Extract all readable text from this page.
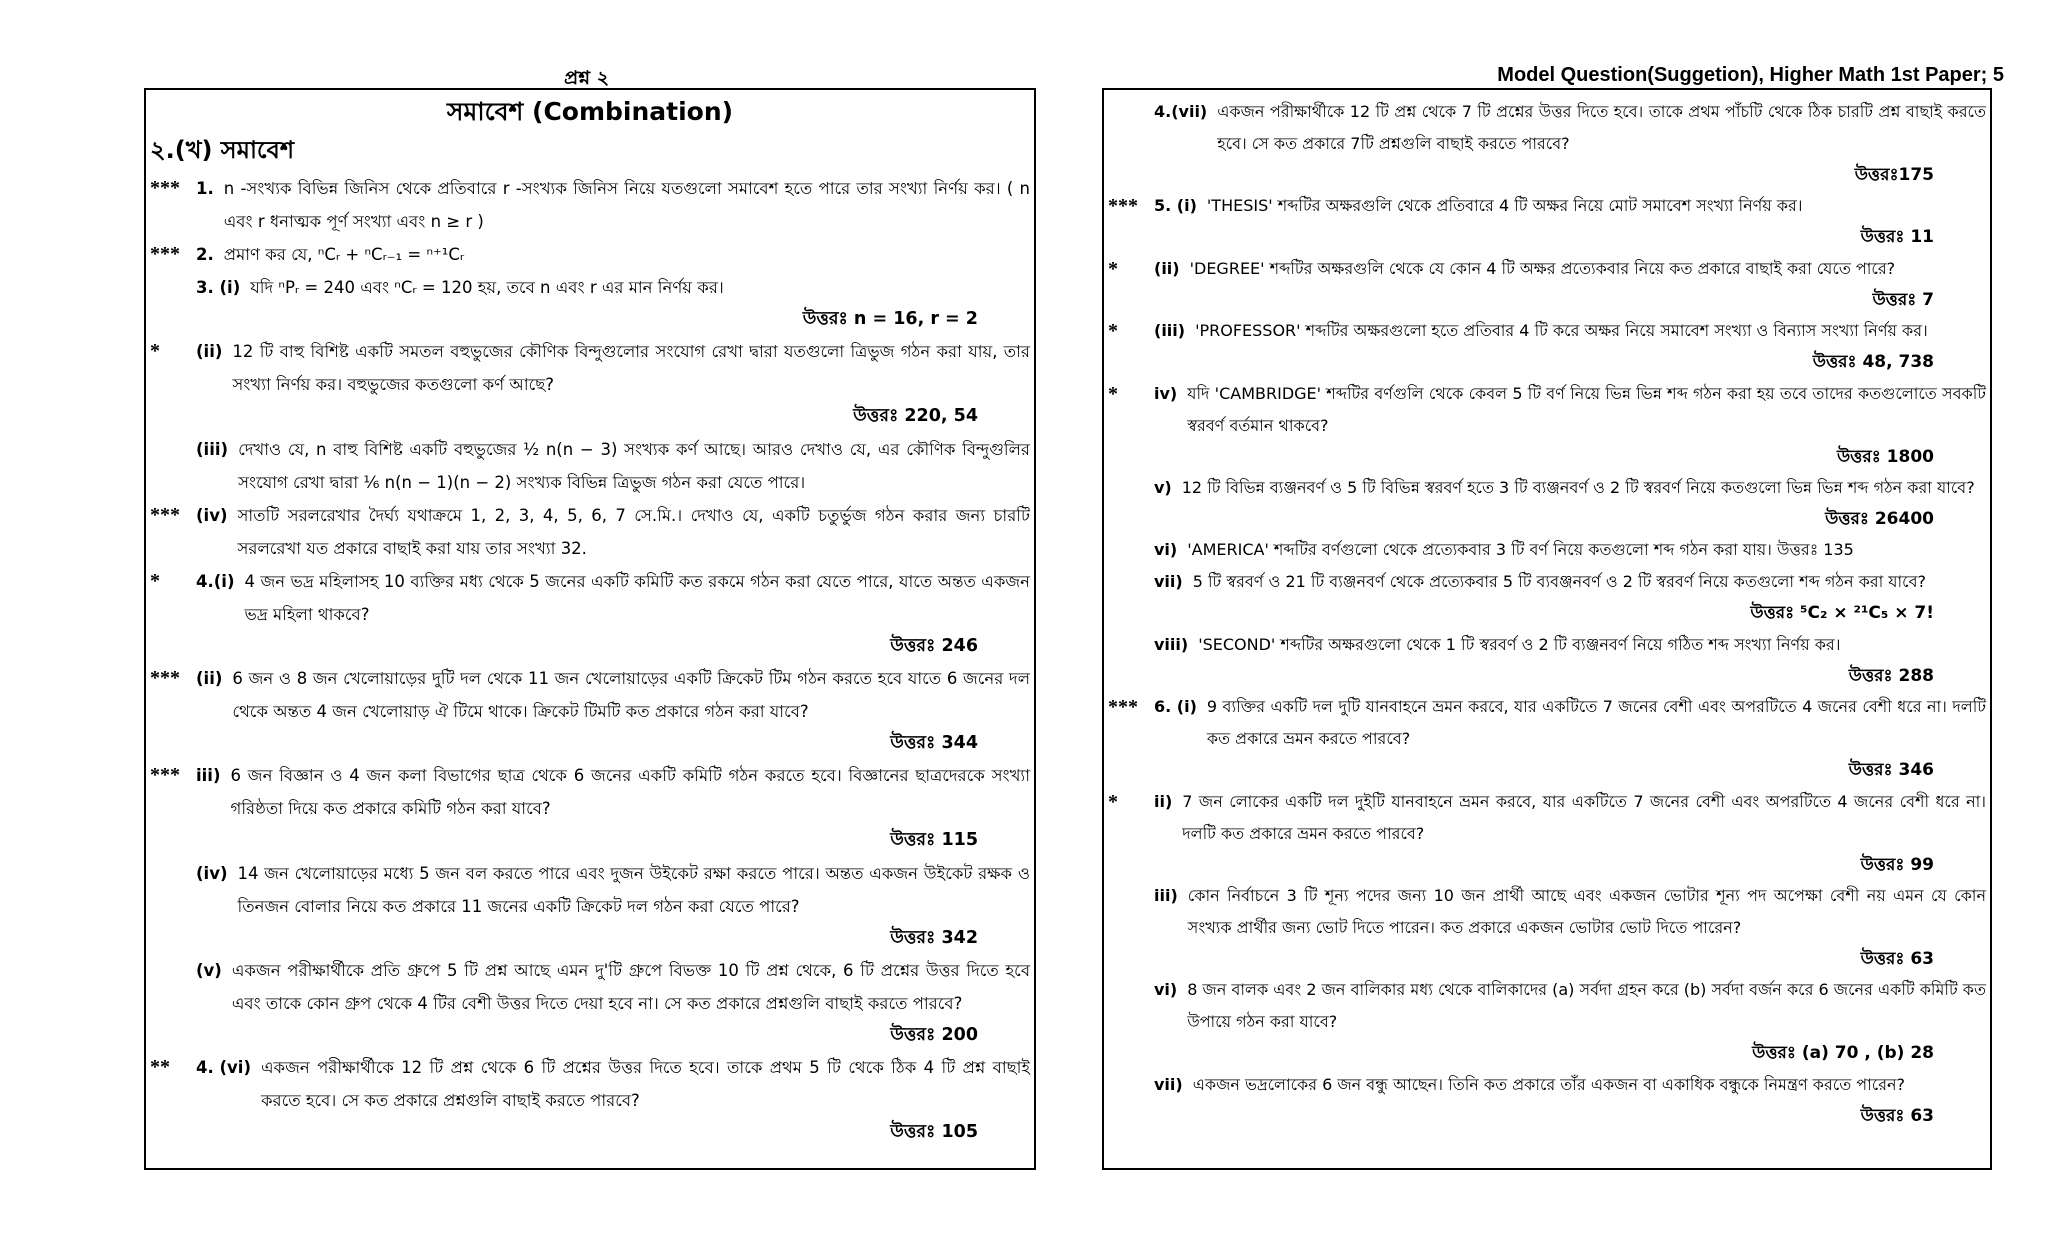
প্রশ্ন ২	Model Question(Suggetion), Higher Math 1st Paper; 5
সমাবেশ (Combination)
২.(খ) সমাবেশ
*** 1. n -সংখ্যক বিভিন্ন জিনিস থেকে প্রতিবারে r -সংখ্যক জিনিস নিয়ে যতগুলো সমাবেশ হতে পারে তার সংখ্যা নির্ণয় কর। ( n এবং r ধনাত্মক পূর্ণ সংখ্যা এবং n ≥ r )
*** 2. প্রমাণ কর যে, ⁿCᵣ + ⁿCᵣ₋₁ = ⁿ⁺¹Cᵣ
3. (i) যদি ⁿPᵣ = 240 এবং ⁿCᵣ = 120 হয়, তবে n এবং r এর মান নির্ণয় কর।
উত্তরঃ n = 16, r = 2
*	(ii) 12 টি বাহু বিশিষ্ট একটি সমতল বহুভুজের কৌণিক বিন্দুগুলোর সংযোগ রেখা দ্বারা যতগুলো ত্রিভুজ গঠন করা যায়, তার সংখ্যা নির্ণয় কর। বহুভুজের কতগুলো কর্ণ আছে?
উত্তরঃ 220, 54
(iii) দেখাও যে, n বাহু বিশিষ্ট একটি বহুভুজের ½ n(n − 3) সংখ্যক কর্ণ আছে। আরও দেখাও যে, এর কৌণিক বিন্দুগুলির সংযোগ রেখা দ্বারা ⅙ n(n − 1)(n − 2) সংখ্যক বিভিন্ন ত্রিভুজ গঠন করা যেতে পারে।
*** (iv) সাতটি সরলরেখার দৈর্ঘ্য যথাক্রমে 1, 2, 3, 4, 5, 6, 7 সে.মি.। দেখাও যে, একটি চতুর্ভুজ গঠন করার জন্য চারটি সরলরেখা যত প্রকারে বাছাই করা যায় তার সংখ্যা 32.
*	4.(i) 4 জন ভদ্র মহিলাসহ 10 ব্যক্তির মধ্য থেকে 5 জনের একটি কমিটি কত রকমে গঠন করা যেতে পারে, যাতে অন্তত একজন ভদ্র মহিলা থাকবে?
উত্তরঃ 246
*** (ii) 6 জন ও 8 জন খেলোয়াড়ের দুটি দল থেকে 11 জন খেলোয়াড়ের একটি ক্রিকেট টিম গঠন করতে হবে যাতে 6 জনের দল থেকে অন্তত 4 জন খেলোয়াড় ঐ টিমে থাকে। ক্রিকেট টিমটি কত প্রকারে গঠন করা যাবে?
উত্তরঃ 344
*** iii) 6 জন বিজ্ঞান ও 4 জন কলা বিভাগের ছাত্র থেকে 6 জনের একটি কমিটি গঠন করতে হবে। বিজ্ঞানের ছাত্রদেরকে সংখ্যা গরিষ্ঠতা দিয়ে কত প্রকারে কমিটি গঠন করা যাবে?
উত্তরঃ 115
(iv) 14 জন খেলোয়াড়ের মধ্যে 5 জন বল করতে পারে এবং দুজন উইকেট রক্ষা করতে পারে। অন্তত একজন উইকেট রক্ষক ও তিনজন বোলার নিয়ে কত প্রকারে 11 জনের একটি ক্রিকেট দল গঠন করা যেতে পারে?
উত্তরঃ 342
(v) একজন পরীক্ষার্থীকে প্রতি গ্রুপে 5 টি প্রশ্ন আছে এমন দু'টি গ্রুপে বিভক্ত 10 টি প্রশ্ন থেকে, 6 টি প্রশ্নের উত্তর দিতে হবে এবং তাকে কোন গ্রুপ থেকে 4 টির বেশী উত্তর দিতে দেয়া হবে না। সে কত প্রকারে প্রশ্নগুলি বাছাই করতে পারবে?
উত্তরঃ 200
**	4. (vi) একজন পরীক্ষার্থীকে 12 টি প্রশ্ন থেকে 6 টি প্রশ্নের উত্তর দিতে হবে। তাকে প্রথম 5 টি থেকে ঠিক 4 টি প্রশ্ন বাছাই করতে হবে। সে কত প্রকারে প্রশ্নগুলি বাছাই করতে পারবে?
উত্তরঃ 105
4.(vii) একজন পরীক্ষার্থীকে 12 টি প্রশ্ন থেকে 7 টি প্রশ্নের উত্তর দিতে হবে। তাকে প্রথম পাঁচটি থেকে ঠিক চারটি প্রশ্ন বাছাই করতে হবে। সে কত প্রকারে 7টি প্রশ্নগুলি বাছাই করতে পারবে?
উত্তরঃ175
***	5. (i) 'THESIS' শব্দটির অক্ষরগুলি থেকে প্রতিবারে 4 টি অক্ষর নিয়ে মোট সমাবেশ সংখ্যা নির্ণয় কর।
উত্তরঃ 11
*	(ii) 'DEGREE' শব্দটির অক্ষরগুলি থেকে যে কোন 4 টি অক্ষর প্রত্যেকবার নিয়ে কত প্রকারে বাছাই করা যেতে পারে?
উত্তরঃ 7
*	(iii) 'PROFESSOR' শব্দটির অক্ষরগুলো হতে প্রতিবার 4 টি করে অক্ষর নিয়ে সমাবেশ সংখ্যা ও বিন্যাস সংখ্যা নির্ণয় কর।
উত্তরঃ 48, 738
*	iv) যদি 'CAMBRIDGE' শব্দটির বর্ণগুলি থেকে কেবল 5 টি বর্ণ নিয়ে ভিন্ন ভিন্ন শব্দ গঠন করা হয় তবে তাদের কতগুলোতে সবকটি স্বরবর্ণ বর্তমান থাকবে?
উত্তরঃ 1800
v) 12 টি বিভিন্ন ব্যঞ্জনবর্ণ ও 5 টি বিভিন্ন স্বরবর্ণ হতে 3 টি ব্যঞ্জনবর্ণ ও 2 টি স্বরবর্ণ নিয়ে কতগুলো ভিন্ন ভিন্ন শব্দ গঠন করা যাবে?
উত্তরঃ 26400
vi) 'AMERICA' শব্দটির বর্ণগুলো থেকে প্রত্যেকবার 3 টি বর্ণ নিয়ে কতগুলো শব্দ গঠন করা যায়। উত্তরঃ 135
vii) 5 টি স্বরবর্ণ ও 21 টি ব্যঞ্জনবর্ণ থেকে প্রত্যেকবার 5 টি ব্যবঞ্জনবর্ণ ও 2 টি স্বরবর্ণ নিয়ে কতগুলো শব্দ গঠন করা যাবে?
উত্তরঃ ⁵C₂ × ²¹C₅ × 7!
viii) 'SECOND' শব্দটির অক্ষরগুলো থেকে 1 টি স্বরবর্ণ ও 2 টি ব্যঞ্জনবর্ণ নিয়ে গঠিত শব্দ সংখ্যা নির্ণয় কর।
উত্তরঃ 288
***	6. (i) 9 ব্যক্তির একটি দল দুটি যানবাহনে ভ্রমন করবে, যার একটিতে 7 জনের বেশী এবং অপরটিতে 4 জনের বেশী ধরে না। দলটি কত প্রকারে ভ্রমন করতে পারবে?
উত্তরঃ 346
*	ii) 7 জন লোকের একটি দল দুইটি যানবাহনে ভ্রমন করবে, যার একটিতে 7 জনের বেশী এবং অপরটিতে 4 জনের বেশী ধরে না। দলটি কত প্রকারে ভ্রমন করতে পারবে?
উত্তরঃ 99
iii) কোন নির্বাচনে 3 টি শূন্য পদের জন্য 10 জন প্রার্থী আছে এবং একজন ভোটার শূন্য পদ অপেক্ষা বেশী নয় এমন যে কোন সংখ্যক প্রার্থীর জন্য ভোট দিতে পারেন। কত প্রকারে একজন ভোটার ভোট দিতে পারেন?
উত্তরঃ 63
vi) 8 জন বালক এবং 2 জন বালিকার মধ্য থেকে বালিকাদের (a) সর্বদা গ্রহন করে (b) সর্বদা বর্জন করে 6 জনের একটি কমিটি কত উপায়ে গঠন করা যাবে?
উত্তরঃ (a) 70 , (b) 28
vii) একজন ভদ্রলোকের 6 জন বন্ধু আছেন। তিনি কত প্রকারে তাঁর একজন বা একাধিক বন্ধুকে নিমন্ত্রণ করতে পারেন?
উত্তরঃ 63
